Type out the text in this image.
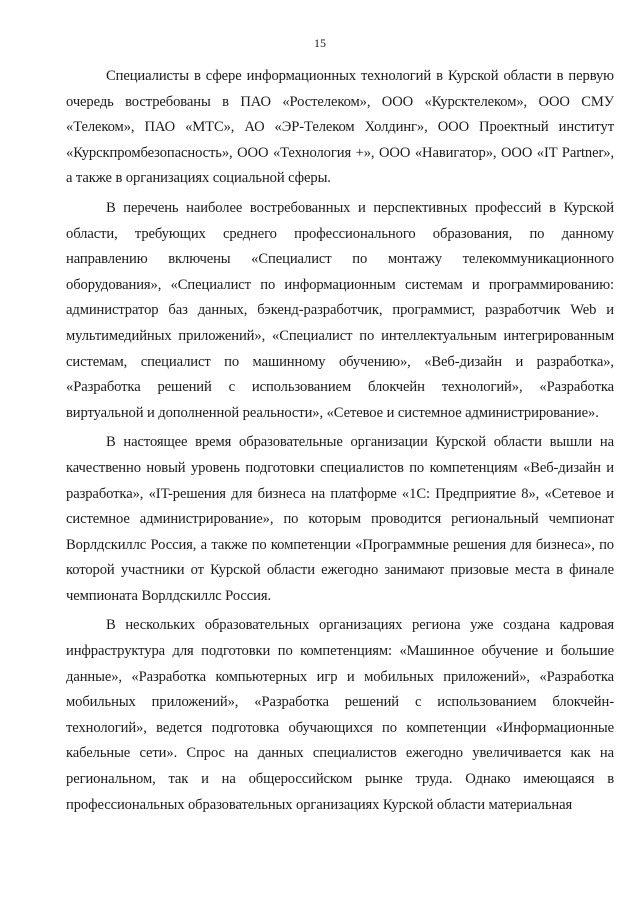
15

Специалисты в сфере информационных технологий в Курской области в первую очередь востребованы в ПАО «Ростелеком», ООО «Курсктелеком», ООО СМУ «Телеком», ПАО «МТС», АО «ЭР-Телеком Холдинг», ООО Проектный институт «Курскпромбезопасность», ООО «Технология +», ООО «Навигатор», ООО «IT Partner», а также в организациях социальной сферы.

В перечень наиболее востребованных и перспективных профессий в Курской области, требующих среднего профессионального образования, по данному направлению включены «Специалист по монтажу телекоммуникационного оборудования», «Специалист по информационным системам и программированию: администратор баз данных, бэкенд-разработчик, программист, разработчик Web и мультимедийных приложений», «Специалист по интеллектуальным интегрированным системам, специалист по машинному обучению», «Веб-дизайн и разработка», «Разработка решений с использованием блокчейн технологий», «Разработка виртуальной и дополненной реальности», «Сетевое и системное администрирование».

В настоящее время образовательные организации Курской области вышли на качественно новый уровень подготовки специалистов по компетенциям «Веб-дизайн и разработка», «IT-решения для бизнеса на платформе «1С: Предприятие 8», «Сетевое и системное администрирование», по которым проводится региональный чемпионат Ворлдскиллс Россия, а также по компетенции «Программные решения для бизнеса», по которой участники от Курской области ежегодно занимают призовые места в финале чемпионата Ворлдскиллс Россия.

В нескольких образовательных организациях региона уже создана кадровая инфраструктура для подготовки по компетенциям: «Машинное обучение и большие данные», «Разработка компьютерных игр и мобильных приложений», «Разработка мобильных приложений», «Разработка решений с использованием блокчейн-технологий», ведется подготовка обучающихся по компетенции «Информационные кабельные сети». Спрос на данных специалистов ежегодно увеличивается как на региональном, так и на общероссийском рынке труда. Однако имеющаяся в профессиональных образовательных организациях Курской области материальная
